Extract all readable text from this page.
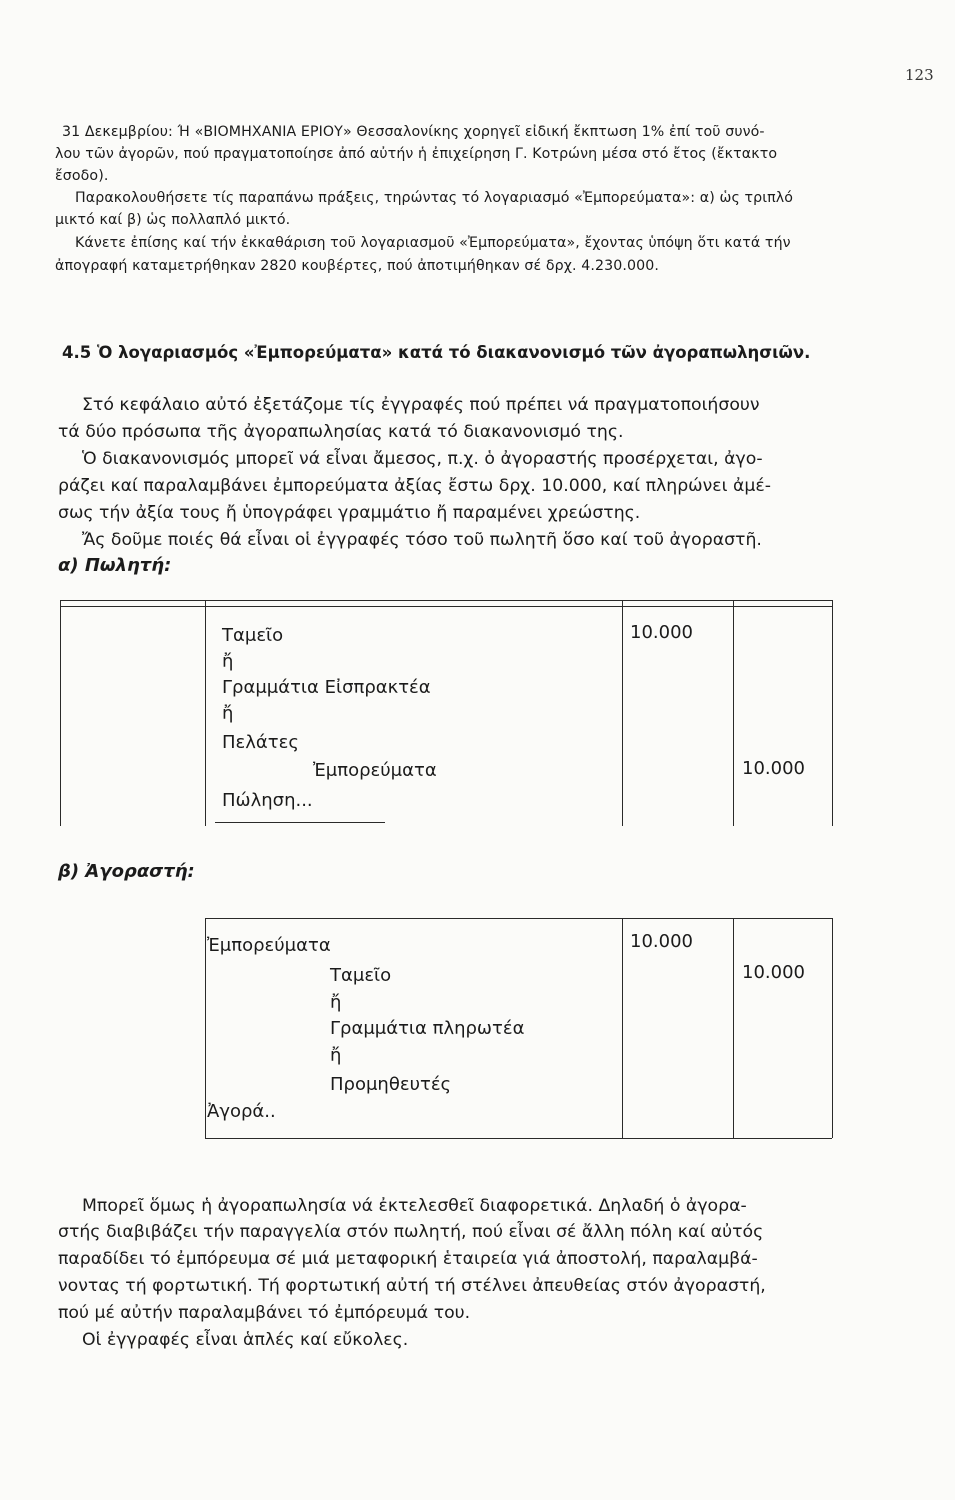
123
31 Δεκεμβρίου: Ή «ΒΙΟΜΗΧΑΝΙΑ ΕΡΙΟΥ» Θεσσαλονίκης χορηγεῖ εἰδική ἔκπτωση 1% ἐπί τοῦ συνό-
λου τῶν ἀγορῶν, πού πραγματοποίησε ἀπό αὐτήν ἡ ἐπιχείρηση Γ. Κοτρώνη μέσα στό ἔτος (ἔκτακτο
ἔσοδο).
Παρακολουθήσετε τίς παραπάνω πράξεις, τηρώντας τό λογαριασμό «Ἐμπορεύματα»: α) ὡς τριπλό
μικτό καί β) ὡς πολλαπλό μικτό.
Κάνετε ἐπίσης καί τήν ἐκκαθάριση τοῦ λογαριασμοῦ «Ἐμπορεύματα», ἔχοντας ὑπόψη ὅτι κατά τήν
ἀπογραφή καταμετρήθηκαν 2820 κουβέρτες, πού ἀποτιμήθηκαν σέ δρχ. 4.230.000.
4.5 Ὁ λογαριασμός «Ἐμπορεύματα» κατά τό διακανονισμό τῶν ἀγοραπωλησιῶν.
Στό κεφάλαιο αὐτό ἐξετάζομε τίς ἐγγραφές πού πρέπει νά πραγματοποιήσουν
τά δύο πρόσωπα τῆς ἀγοραπωλησίας κατά τό διακανονισμό της.
Ὁ διακανονισμός μπορεῖ νά εἶναι ἄμεσος, π.χ. ὁ ἀγοραστής προσέρχεται, ἀγο-
ράζει καί παραλαμβάνει ἐμπορεύματα ἀξίας ἔστω δρχ. 10.000, καί πληρώνει ἀμέ-
σως τήν ἀξία τους ἤ ὑπογράφει γραμμάτιο ἤ παραμένει χρεώστης.
Ἄς δοῦμε ποιές θά εἶναι οἱ ἐγγραφές τόσο τοῦ πωλητῆ ὅσο καί τοῦ ἀγοραστῆ.
α) Πωλητή:
Ταμεῖο
ἤ
Γραμμάτια Εἰσπρακτέα
ἤ
Πελάτες
10.000
Ἐμπορεύματα	10.000
Πώληση...
β) Ἀγοραστή:
Ἐμπορεύματα	10.000
Ταμεῖο
ἤ
Γραμμάτια πληρωτέα
ἤ
Προμηθευτές
10.000
Ἀγορά..
Μπορεῖ ὅμως ἡ ἀγοραπωλησία νά ἐκτελεσθεῖ διαφορετικά. Δηλαδή ὁ ἀγορα-
στής διαβιβάζει τήν παραγγελία στόν πωλητή, πού εἶναι σέ ἄλλη πόλη καί αὐτός
παραδίδει τό ἐμπόρευμα σέ μιά μεταφορική ἑταιρεία γιά ἀποστολή, παραλαμβά-
νοντας τή φορτωτική. Τή φορτωτική αὐτή τή στέλνει ἀπευθείας στόν ἀγοραστή,
πού μέ αὐτήν παραλαμβάνει τό ἐμπόρευμά του.
Οἱ ἐγγραφές εἶναι ἁπλές καί εὔκολες.
